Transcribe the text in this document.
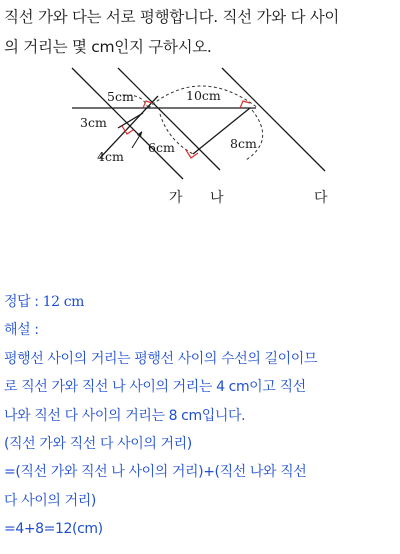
직선 가와 다는 서로 평행합니다. 직선 가와 다 사이

의 거리는 몇 cm인지 구하시오.

5cm	10cm
3cm
6cm	8cm
4cm
가 나	다

정답 : 12 cm

해설 :

평행선 사이의 거리는 평행선 사이의 수선의 길이이므

로 직선 가와 직선 나 사이의 거리는 4 cm이고 직선

나와 직선 다 사이의 거리는 8 cm입니다.

(직선 가와 직선 다 사이의 거리)

=(직선 가와 직선 나 사이의 거리)+(직선 나와 직선

다 사이의 거리)

=4+8=12(cm)
